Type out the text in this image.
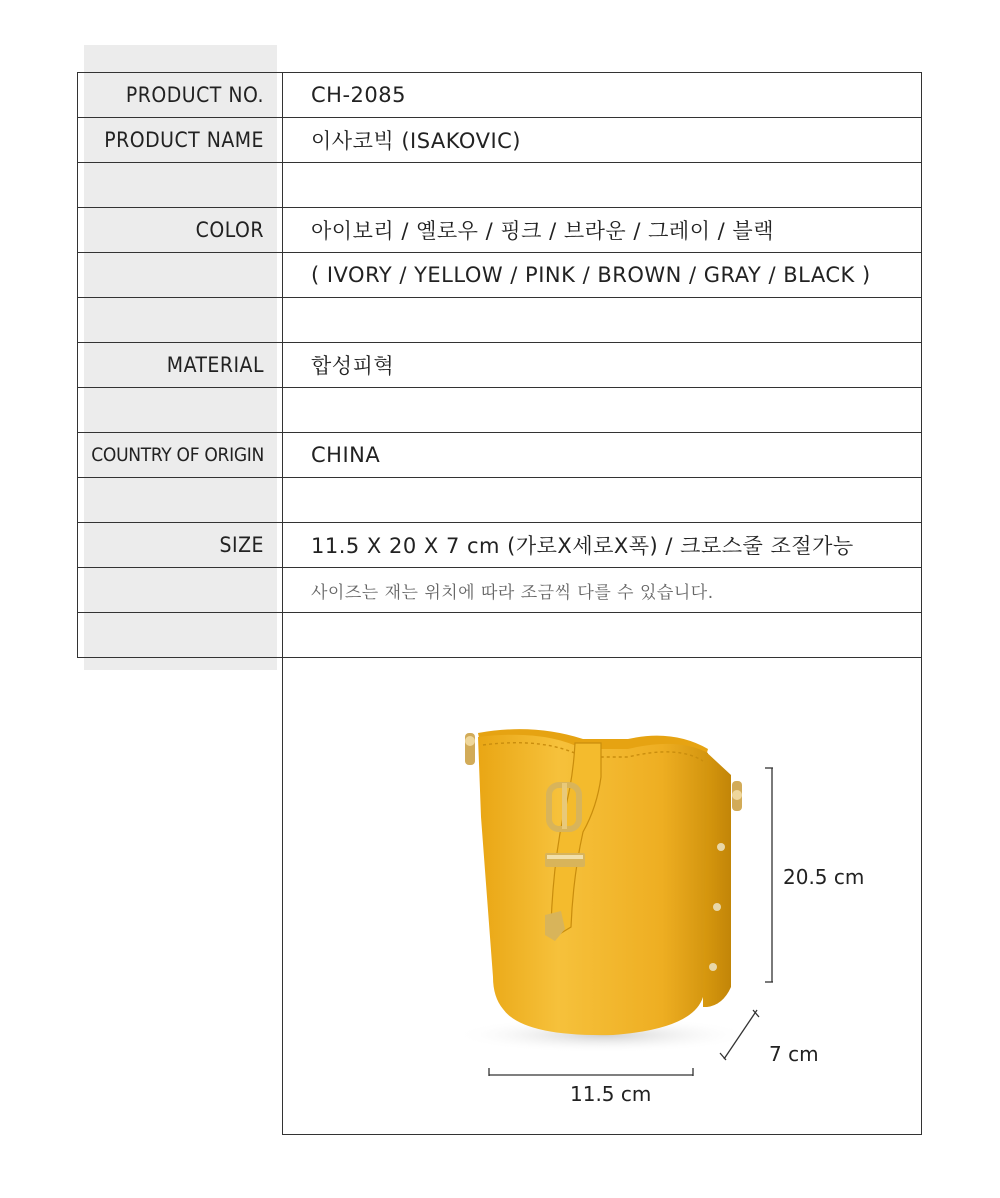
PRODUCT NO.	CH-2085
PRODUCT NAME	이사코빅 (ISAKOVIC)

COLOR	아이보리 / 옐로우 / 핑크 / 브라운 / 그레이 / 블랙
	( IVORY / YELLOW / PINK / BROWN / GRAY / BLACK )

MATERIAL	합성피혁

COUNTRY OF ORIGIN	CHINA

SIZE	11.5 X 20 X 7 cm (가로X세로X폭) / 크로스줄 조절가능
	사이즈는 재는 위치에 따라 조금씩 다를 수 있습니다.

20.5 cm
7 cm
11.5 cm
